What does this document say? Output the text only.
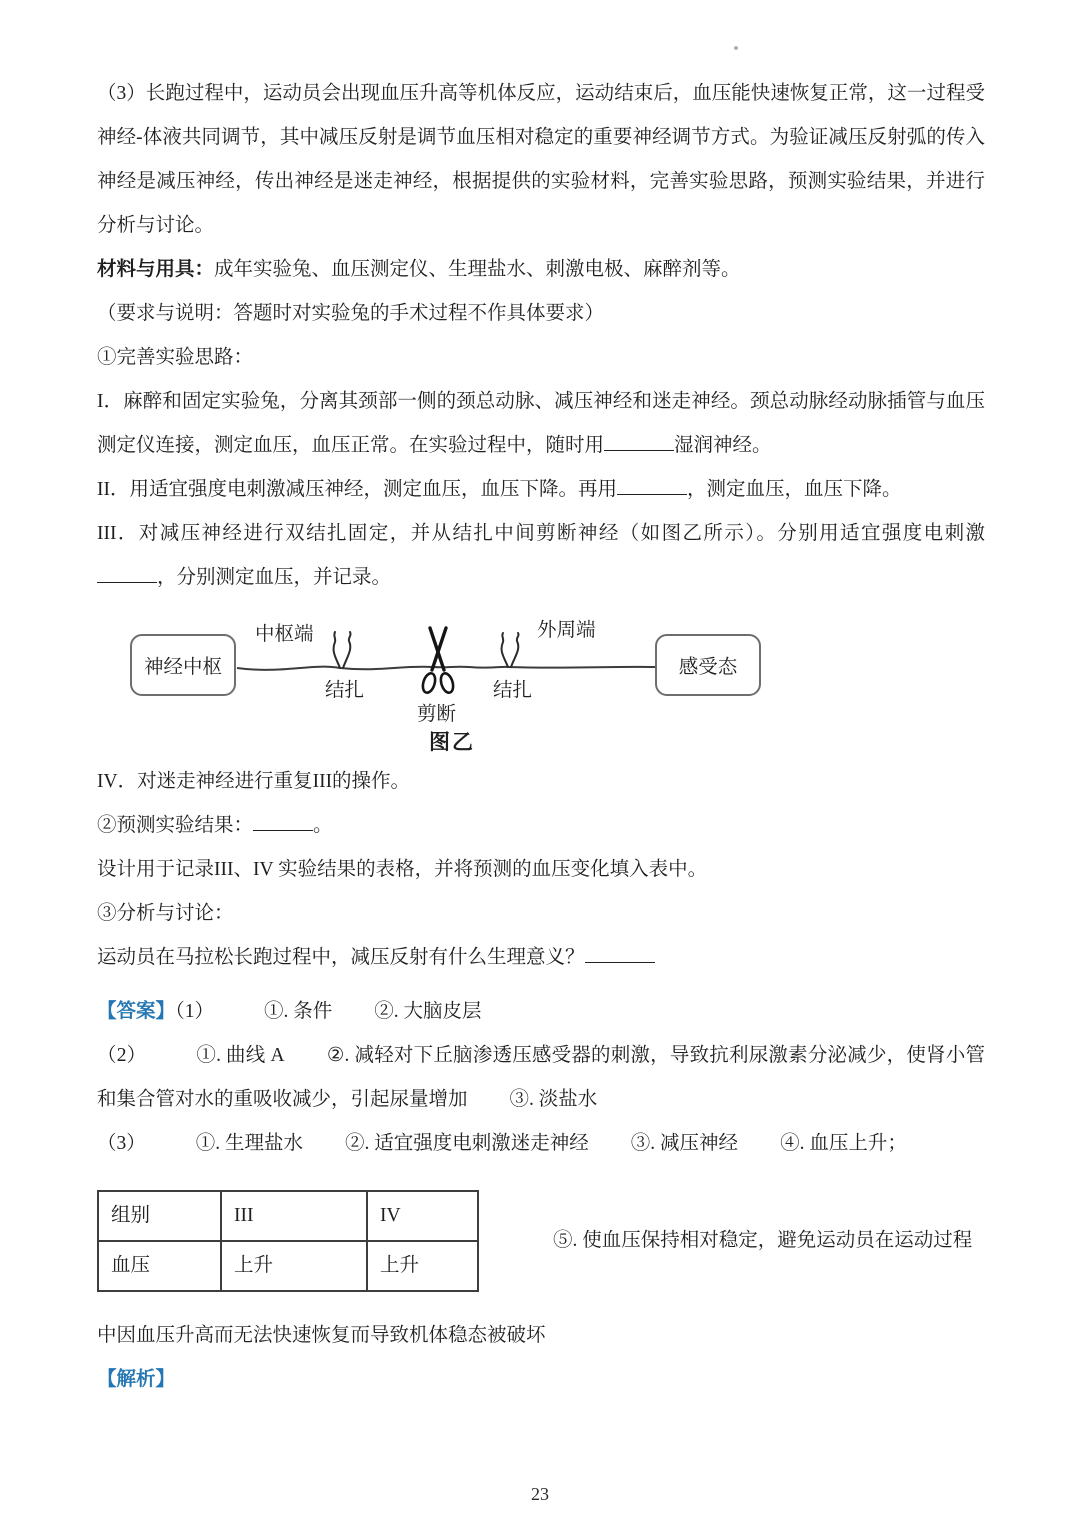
（3）长跑过程中，运动员会出现血压升高等机体反应，运动结束后，血压能快速恢复正常，这一过程受神经-体液共同调节，其中减压反射是调节血压相对稳定的重要神经调节方式。为验证减压反射弧的传入神经是减压神经，传出神经是迷走神经，根据提供的实验材料，完善实验思路，预测实验结果，并进行分析与讨论。

材料与用具：成年实验兔、血压测定仪、生理盐水、刺激电极、麻醉剂等。

（要求与说明：答题时对实验兔的手术过程不作具体要求）

①完善实验思路：

I．麻醉和固定实验兔，分离其颈部一侧的颈总动脉、减压神经和迷走神经。颈总动脉经动脉插管与血压测定仪连接，测定血压，血压正常。在实验过程中，随时用	湿润神经。

II．用适宜强度电刺激减压神经，测定血压，血压下降。再用	，测定血压，血压下降。

III．对减压神经进行双结扎固定，并从结扎中间剪断神经（如图乙所示）。分别用适宜强度电刺激，分别测定血压，并记录。

神经中枢	感受态
中枢端	外周端
结扎	结扎
剪断
图乙

IV．对迷走神经进行重复III的操作。

②预测实验结果：	。

设计用于记录III、IV 实验结果的表格，并将预测的血压变化填入表中。

③分析与讨论：

运动员在马拉松长跑过程中，减压反射有什么生理意义？

【答案】（1）	①. 条件 ②. 大脑皮层

（2）	①. 曲线 A ②. 减轻对下丘脑渗透压感受器的刺激，导致抗利尿激素分泌减少，使肾小管和集合管对水的重吸收减少，引起尿量增加 ③. 淡盐水

（3）	①. 生理盐水 ②. 适宜强度电刺激迷走神经 ③. 减压神经 ④. 血压上升；

组别	III	IV
血压	上升	上升
⑤. 使血压保持相对稳定，避免运动员在运动过程

中因血压升高而无法快速恢复而导致机体稳态被破坏

【解析】

23
